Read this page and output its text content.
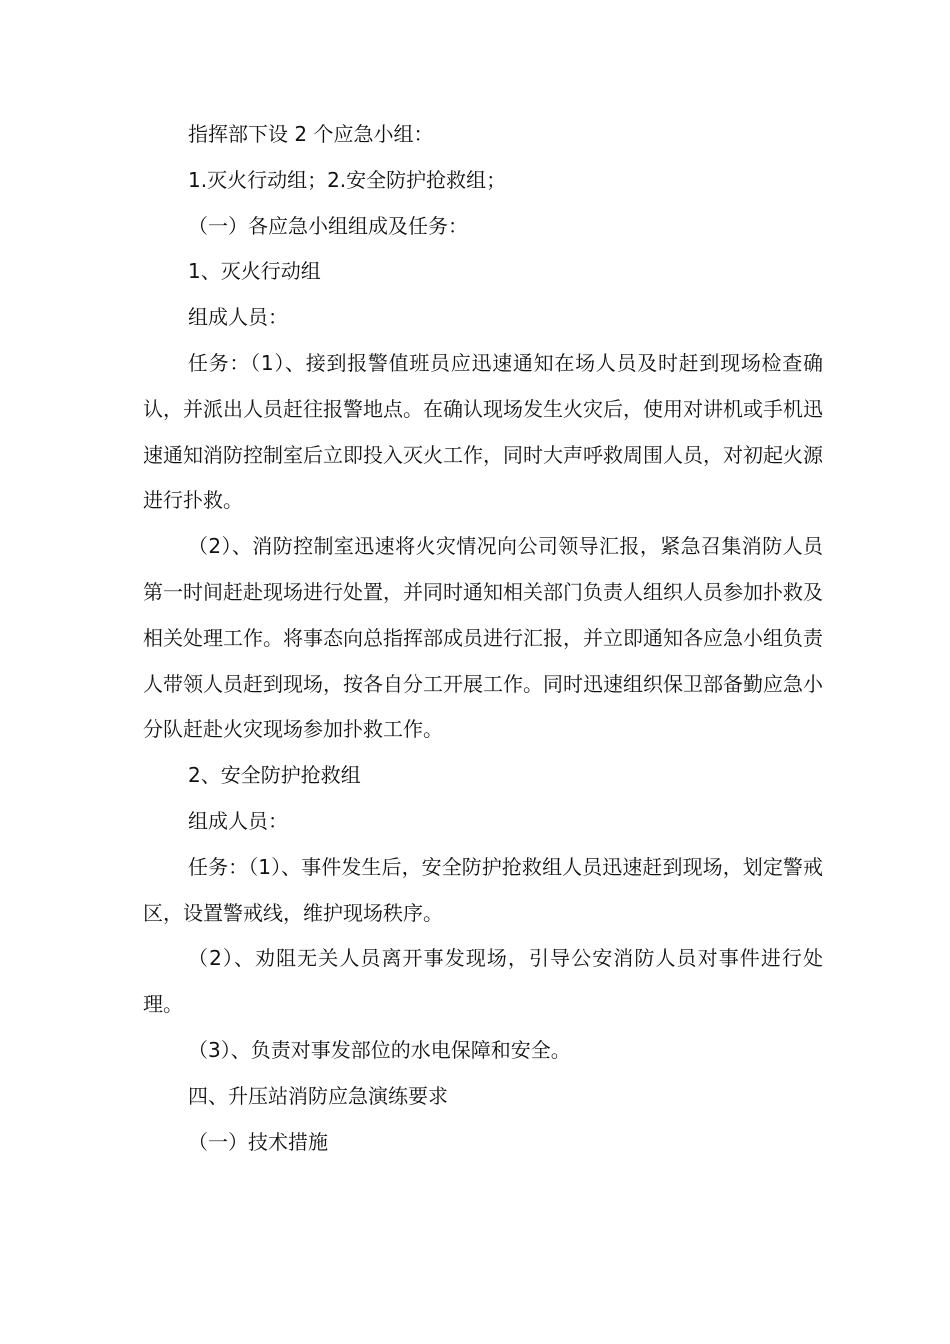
指挥部下设 2 个应急小组：

1.灭火行动组；2.安全防护抢救组；

（一）各应急小组组成及任务：

1、灭火行动组

组成人员：

任务：（1）、接到报警值班员应迅速通知在场人员及时赶到现场检查确认，并派出人员赶往报警地点。在确认现场发生火灾后，使用对讲机或手机迅速通知消防控制室后立即投入灭火工作，同时大声呼救周围人员，对初起火源进行扑救。

（2）、消防控制室迅速将火灾情况向公司领导汇报，紧急召集消防人员第一时间赶赴现场进行处置，并同时通知相关部门负责人组织人员参加扑救及相关处理工作。将事态向总指挥部成员进行汇报，并立即通知各应急小组负责人带领人员赶到现场，按各自分工开展工作。同时迅速组织保卫部备勤应急小分队赶赴火灾现场参加扑救工作。

2、安全防护抢救组

组成人员：

任务：（1）、事件发生后，安全防护抢救组人员迅速赶到现场，划定警戒区，设置警戒线，维护现场秩序。

（2）、劝阻无关人员离开事发现场，引导公安消防人员对事件进行处理。

（3）、负责对事发部位的水电保障和安全。

四、升压站消防应急演练要求

（一）技术措施
